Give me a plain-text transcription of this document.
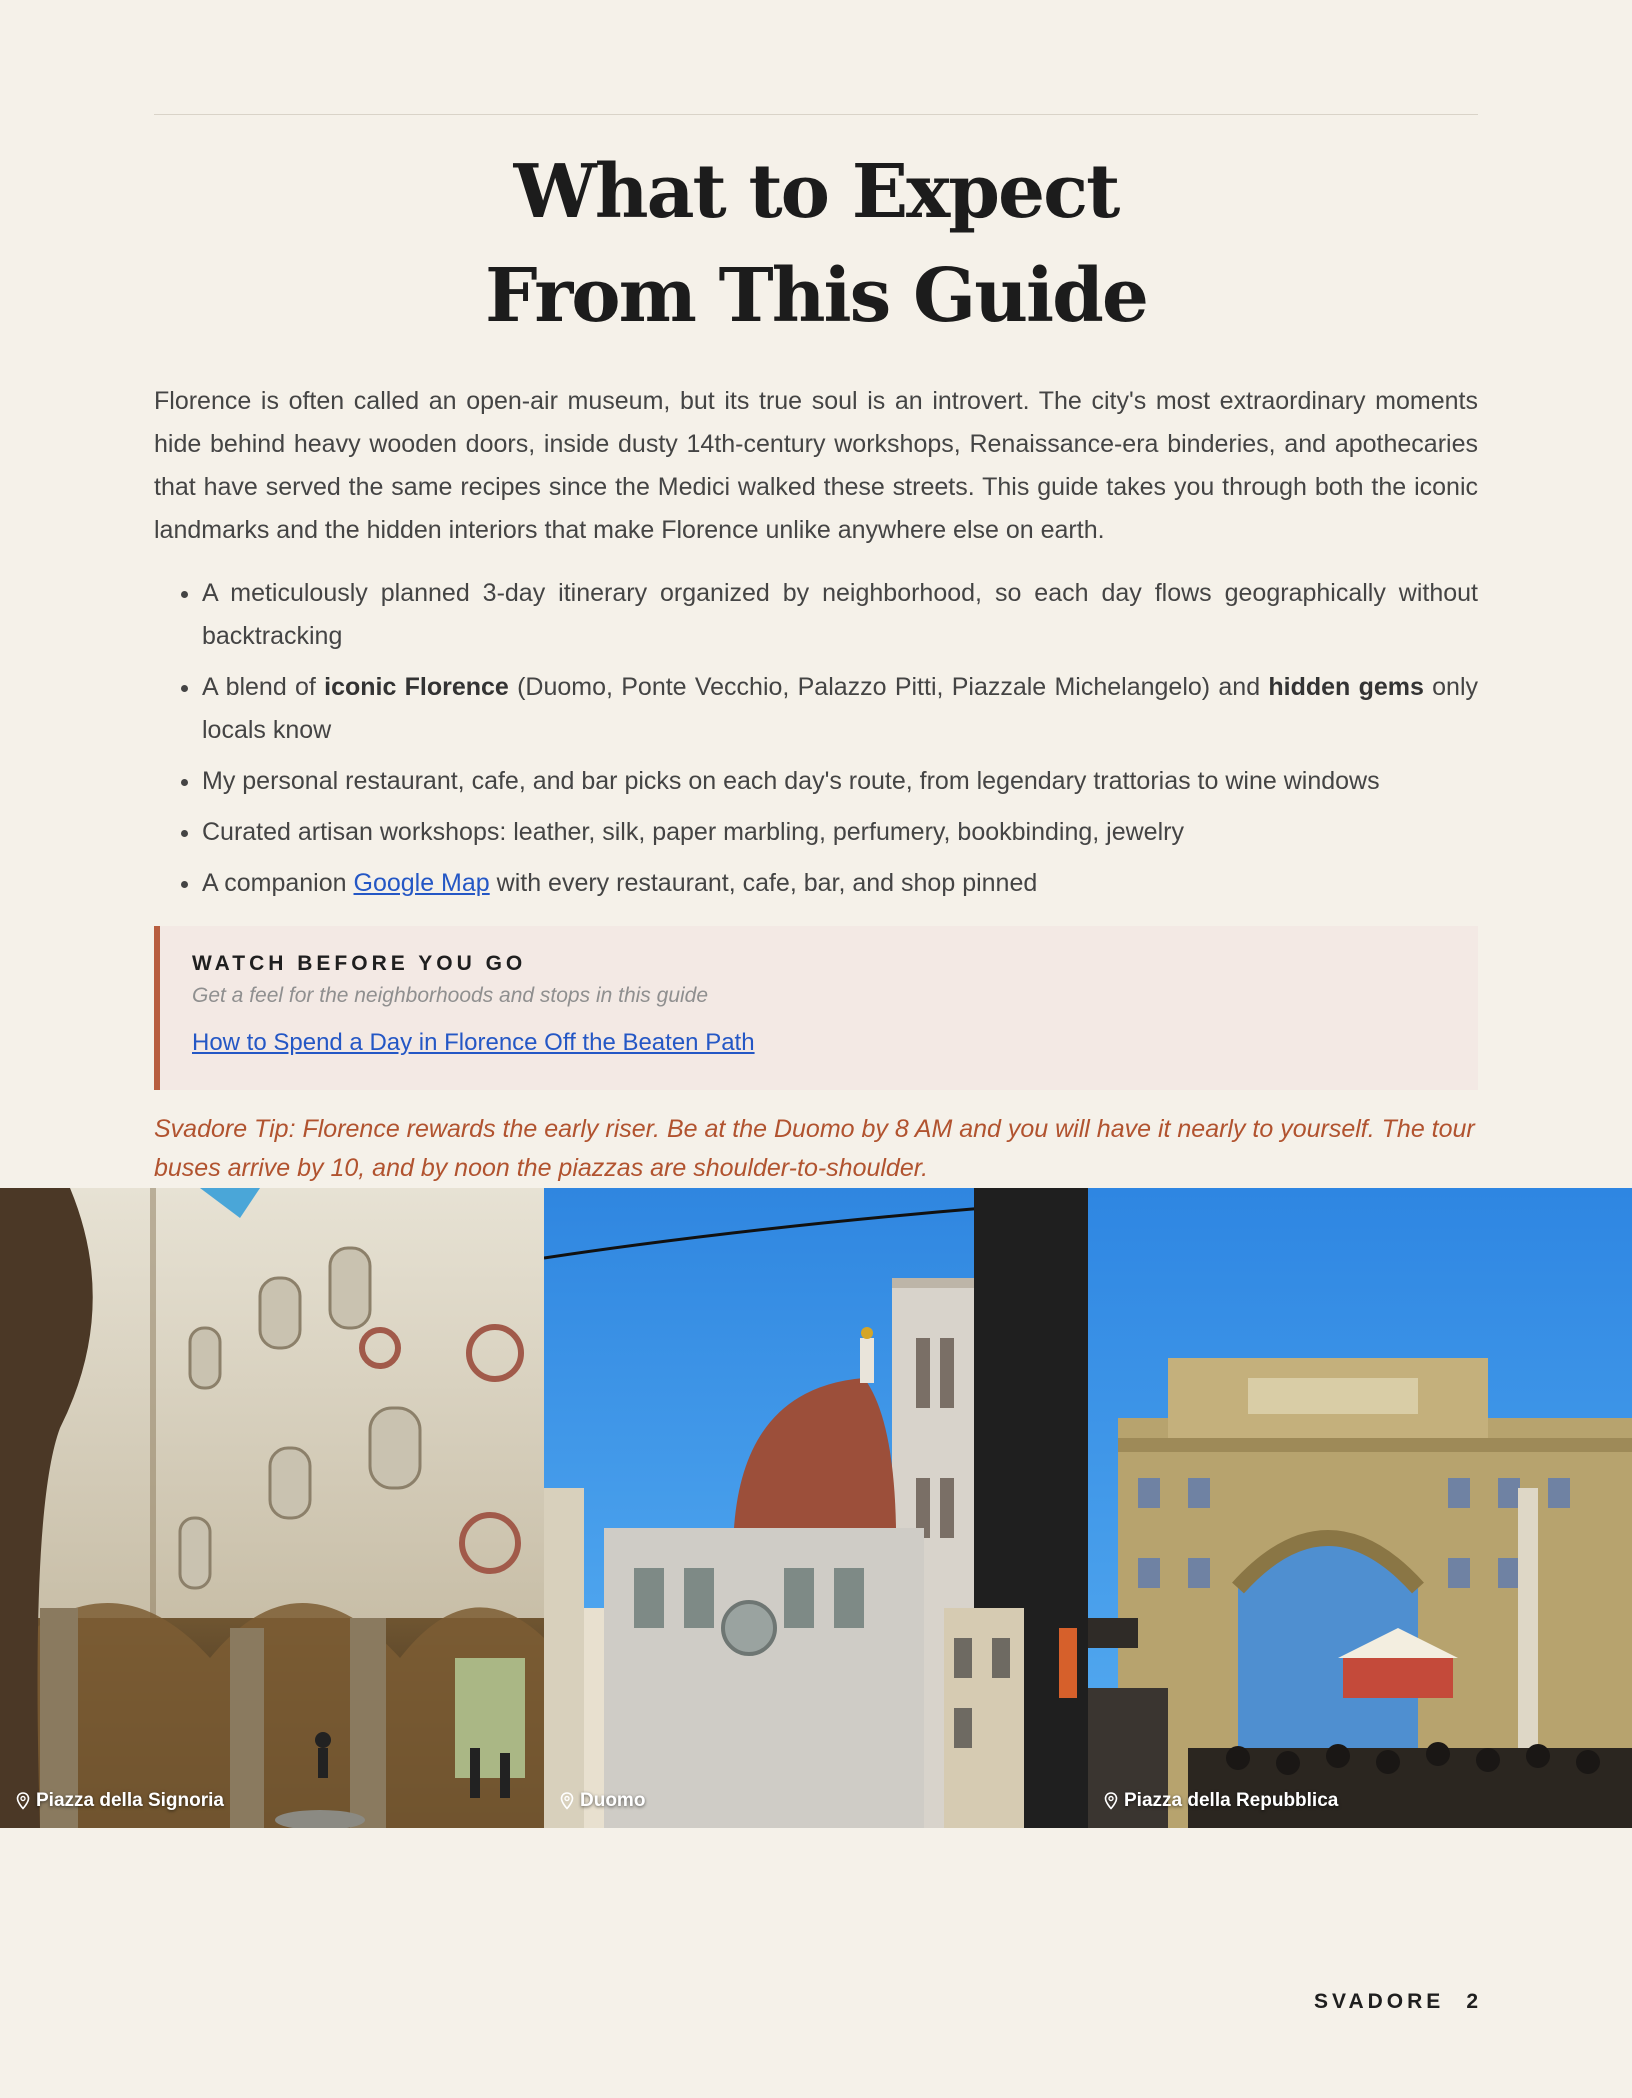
What to Expect
From This Guide

Florence is often called an open-air museum, but its true soul is an introvert. The city's most extraordinary moments hide behind heavy wooden doors, inside dusty 14th-century workshops, Renaissance-era binderies, and apothecaries that have served the same recipes since the Medici walked these streets. This guide takes you through both the iconic landmarks and the hidden interiors that make Florence unlike anywhere else on earth.

• A meticulously planned 3-day itinerary organized by neighborhood, so each day flows geographically without backtracking
• A blend of iconic Florence (Duomo, Ponte Vecchio, Palazzo Pitti, Piazzale Michelangelo) and hidden gems only locals know
• My personal restaurant, cafe, and bar picks on each day's route, from legendary trattorias to wine windows
• Curated artisan workshops: leather, silk, paper marbling, perfumery, bookbinding, jewelry
• A companion Google Map with every restaurant, cafe, bar, and shop pinned

WATCH BEFORE YOU GO

Get a feel for the neighborhoods and stops in this guide

How to Spend a Day in Florence Off the Beaten Path

Svadore Tip: Florence rewards the early riser. Be at the Duomo by 8 AM and you will have it nearly to yourself. The tour buses arrive by 10, and by noon the piazzas are shoulder-to-shoulder.

Piazza della Signoria	Duomo	Piazza della Repubblica
SVADORE 2
